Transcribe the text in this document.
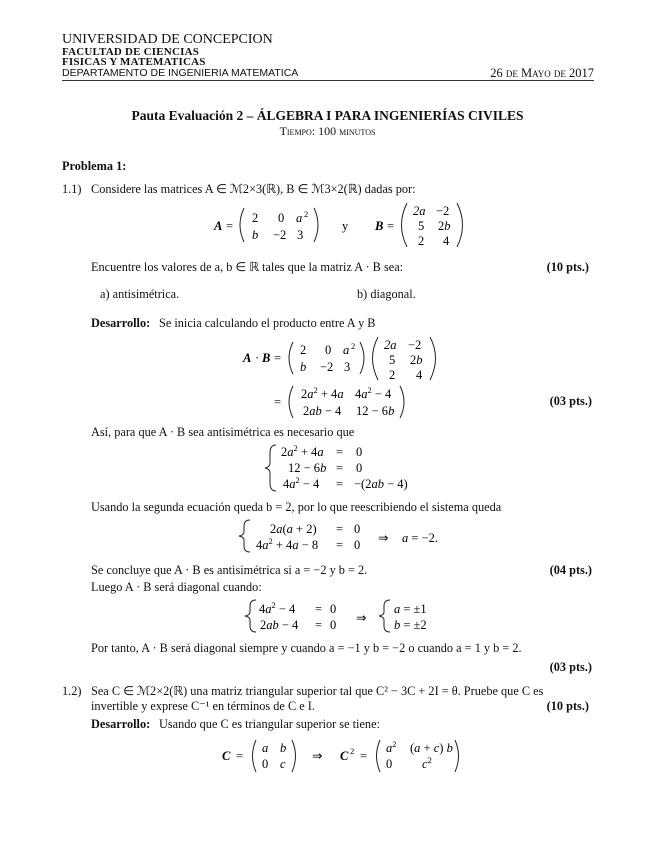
UNIVERSIDAD DE CONCEPCION
FACULTAD DE CIENCIAS
FISICAS Y MATEMATICAS
DEPARTAMENTO DE INGENIERIA MATEMATICA	26 de Mayo de 2017
Pauta Evaluación 2 – ÁLGEBRA I PARA INGENIERÍAS CIVILES
Tiempo: 100 minutos
Problema 1:
1.1) Considere las matrices A ∈ ℳ2×3(ℝ), B ∈ ℳ3×2(ℝ) dadas por:
A =
2 0 a 2
b −2 3
y B =
2a −2
5 2b
2 4
Encuentre los valores de a, b ∈ ℝ tales que la matriz A · B sea:	(10 pts.)
a) antisimétrica.	b) diagonal.
Desarrollo: Se inicia calculando el producto entre A y B
A · B =
2 0 a 2
b −2 3
2a −2
5 2b
2 4
=
$2a^2 + 4a$ $4a^2 - 4$
2ab − 4 12 − 6b
(03 pts.)
Así, para que A · B sea antisimétrica es necesario que
$2a^2 + 4a = 0$
12 − 6b = 0
$4a^2 - 4 = -(2ab - 4)$
Usando la segunda ecuación queda b = 2, por lo que reescribiendo el sistema queda
2a(a + 2) = 0
$4a^2 + 4a - 8 = 0$ ⇒ a = −2.
Se concluye que A · B es antisimétrica si a = −2 y b = 2.	(04 pts.)
Luego A · B será diagonal cuando:
$4a^2 - 4 = 0$
2ab − 4 = 0 ⇒
a = ±1
b = ±2
Por tanto, A · B será diagonal siempre y cuando a = −1 y b = −2 o cuando a = 1 y b = 2.
(03 pts.)
1.2) Sea C ∈ ℳ2×2(ℝ) una matriz triangular superior tal que C² − 3C + 2I = θ. Pruebe que C es
invertible y exprese C⁻¹ en términos de C e I.	(10 pts.)
Desarrollo: Usando que C es triangular superior se tiene:
C =
a b
0 c
⇒ C 2 =
$a^2$ (a + c) b
0 $c^2$
